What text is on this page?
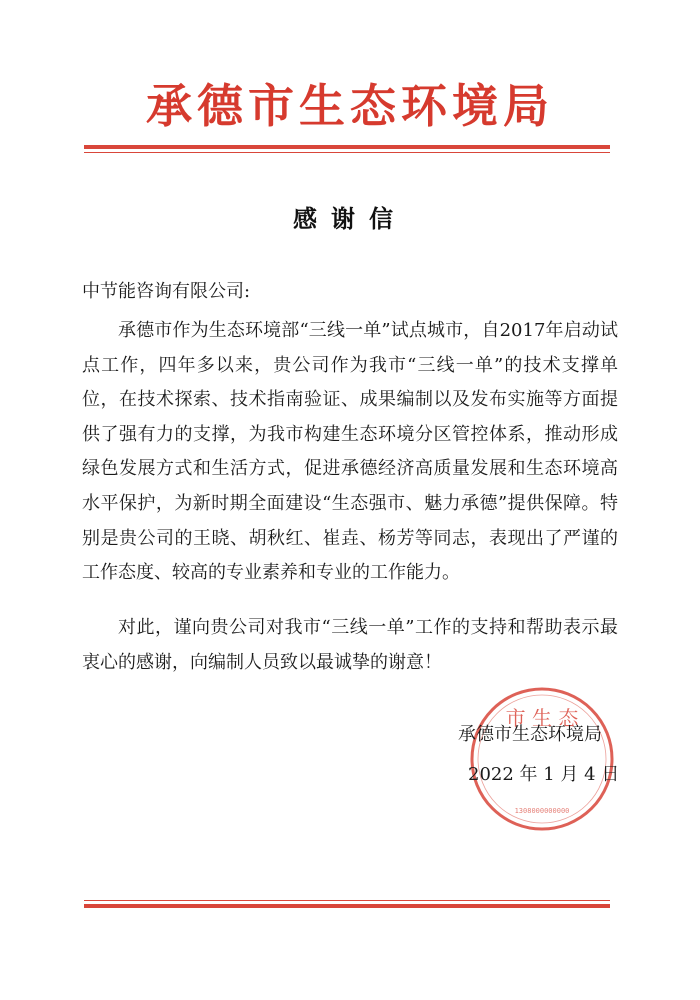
承德市生态环境局
感谢信
中节能咨询有限公司:
承德市作为生态环境部“三线一单”试点城市，自2017年启动试点工作，四年多以来，贵公司作为我市“三线一单”的技术支撑单位，在技术探索、技术指南验证、成果编制以及发布实施等方面提供了强有力的支撑，为我市构建生态环境分区管控体系，推动形成绿色发展方式和生活方式，促进承德经济高质量发展和生态环境高水平保护，为新时期全面建设“生态强市、魅力承德”提供保障。特别是贵公司的王晓、胡秋红、崔垚、杨芳等同志，表现出了严谨的工作态度、较高的专业素养和专业的工作能力。
对此，谨向贵公司对我市“三线一单”工作的支持和帮助表示最衷心的感谢，向编制人员致以最诚挚的谢意！
市 生 态
1308000000000
承德市生态环境局
2022 年 1 月 4 日
